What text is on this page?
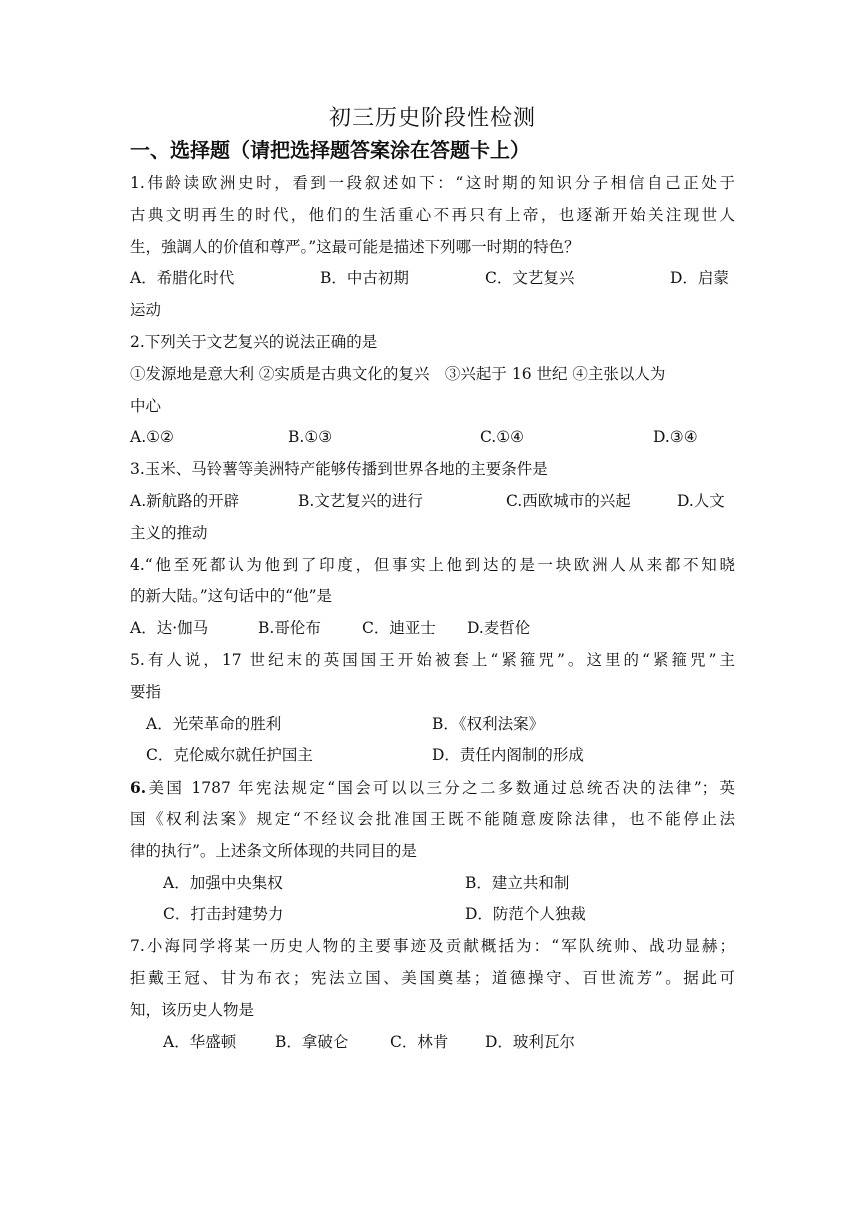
初三历史阶段性检测
一、选择题（请把选择题答案涂在答题卡上）
1.伟龄读欧洲史时，看到一段叙述如下：“这时期的知识分子相信自己正处于
古典文明再生的时代，他们的生活重心不再只有上帝，也逐渐开始关注现世人
生，強調人的价值和尊严。”这最可能是描述下列哪一时期的特色？
A．希腊化时代	B．中古初期	C．文艺复兴	D．启蒙
运动
2.下列关于文艺复兴的说法正确的是
①发源地是意大利 ②实质是古典文化的复兴　③兴起于 16 世纪 ④主张以人为
中心
A.①②	B.①③	C.①④	D.③④
3.玉米、马铃薯等美洲特产能够传播到世界各地的主要条件是
A.新航路的开辟	B.文艺复兴的进行	C.西欧城市的兴起	D.人文
主义的推动
4.“他至死都认为他到了印度，但事实上他到达的是一块欧洲人从来都不知晓
的新大陆。”这句话中的“他”是
A．达·伽马	B.哥伦布	C．迪亚士 D.麦哲伦
5.有人说，17 世纪末的英国国王开始被套上“紧箍咒”。这里的“紧箍咒”主
要指
A．光荣革命的胜利	B．《权利法案》
C．克伦威尔就任护国主	D．责任内阁制的形成
6.美国 1787 年宪法规定“国会可以以三分之二多数通过总统否决的法律”；英
国《权利法案》规定“不经议会批准国王既不能随意废除法律，也不能停止法
律的执行”。上述条文所体现的共同目的是
A．加强中央集权	B．建立共和制
C．打击封建势力	D．防范个人独裁
7.小海同学将某一历史人物的主要事迹及贡献概括为：“军队统帅、战功显赫；
拒戴王冠、甘为布衣；宪法立国、美国奠基；道德操守、百世流芳”。据此可
知，该历史人物是
A．华盛顿	B．拿破仑	C．林肯 D．玻利瓦尔
